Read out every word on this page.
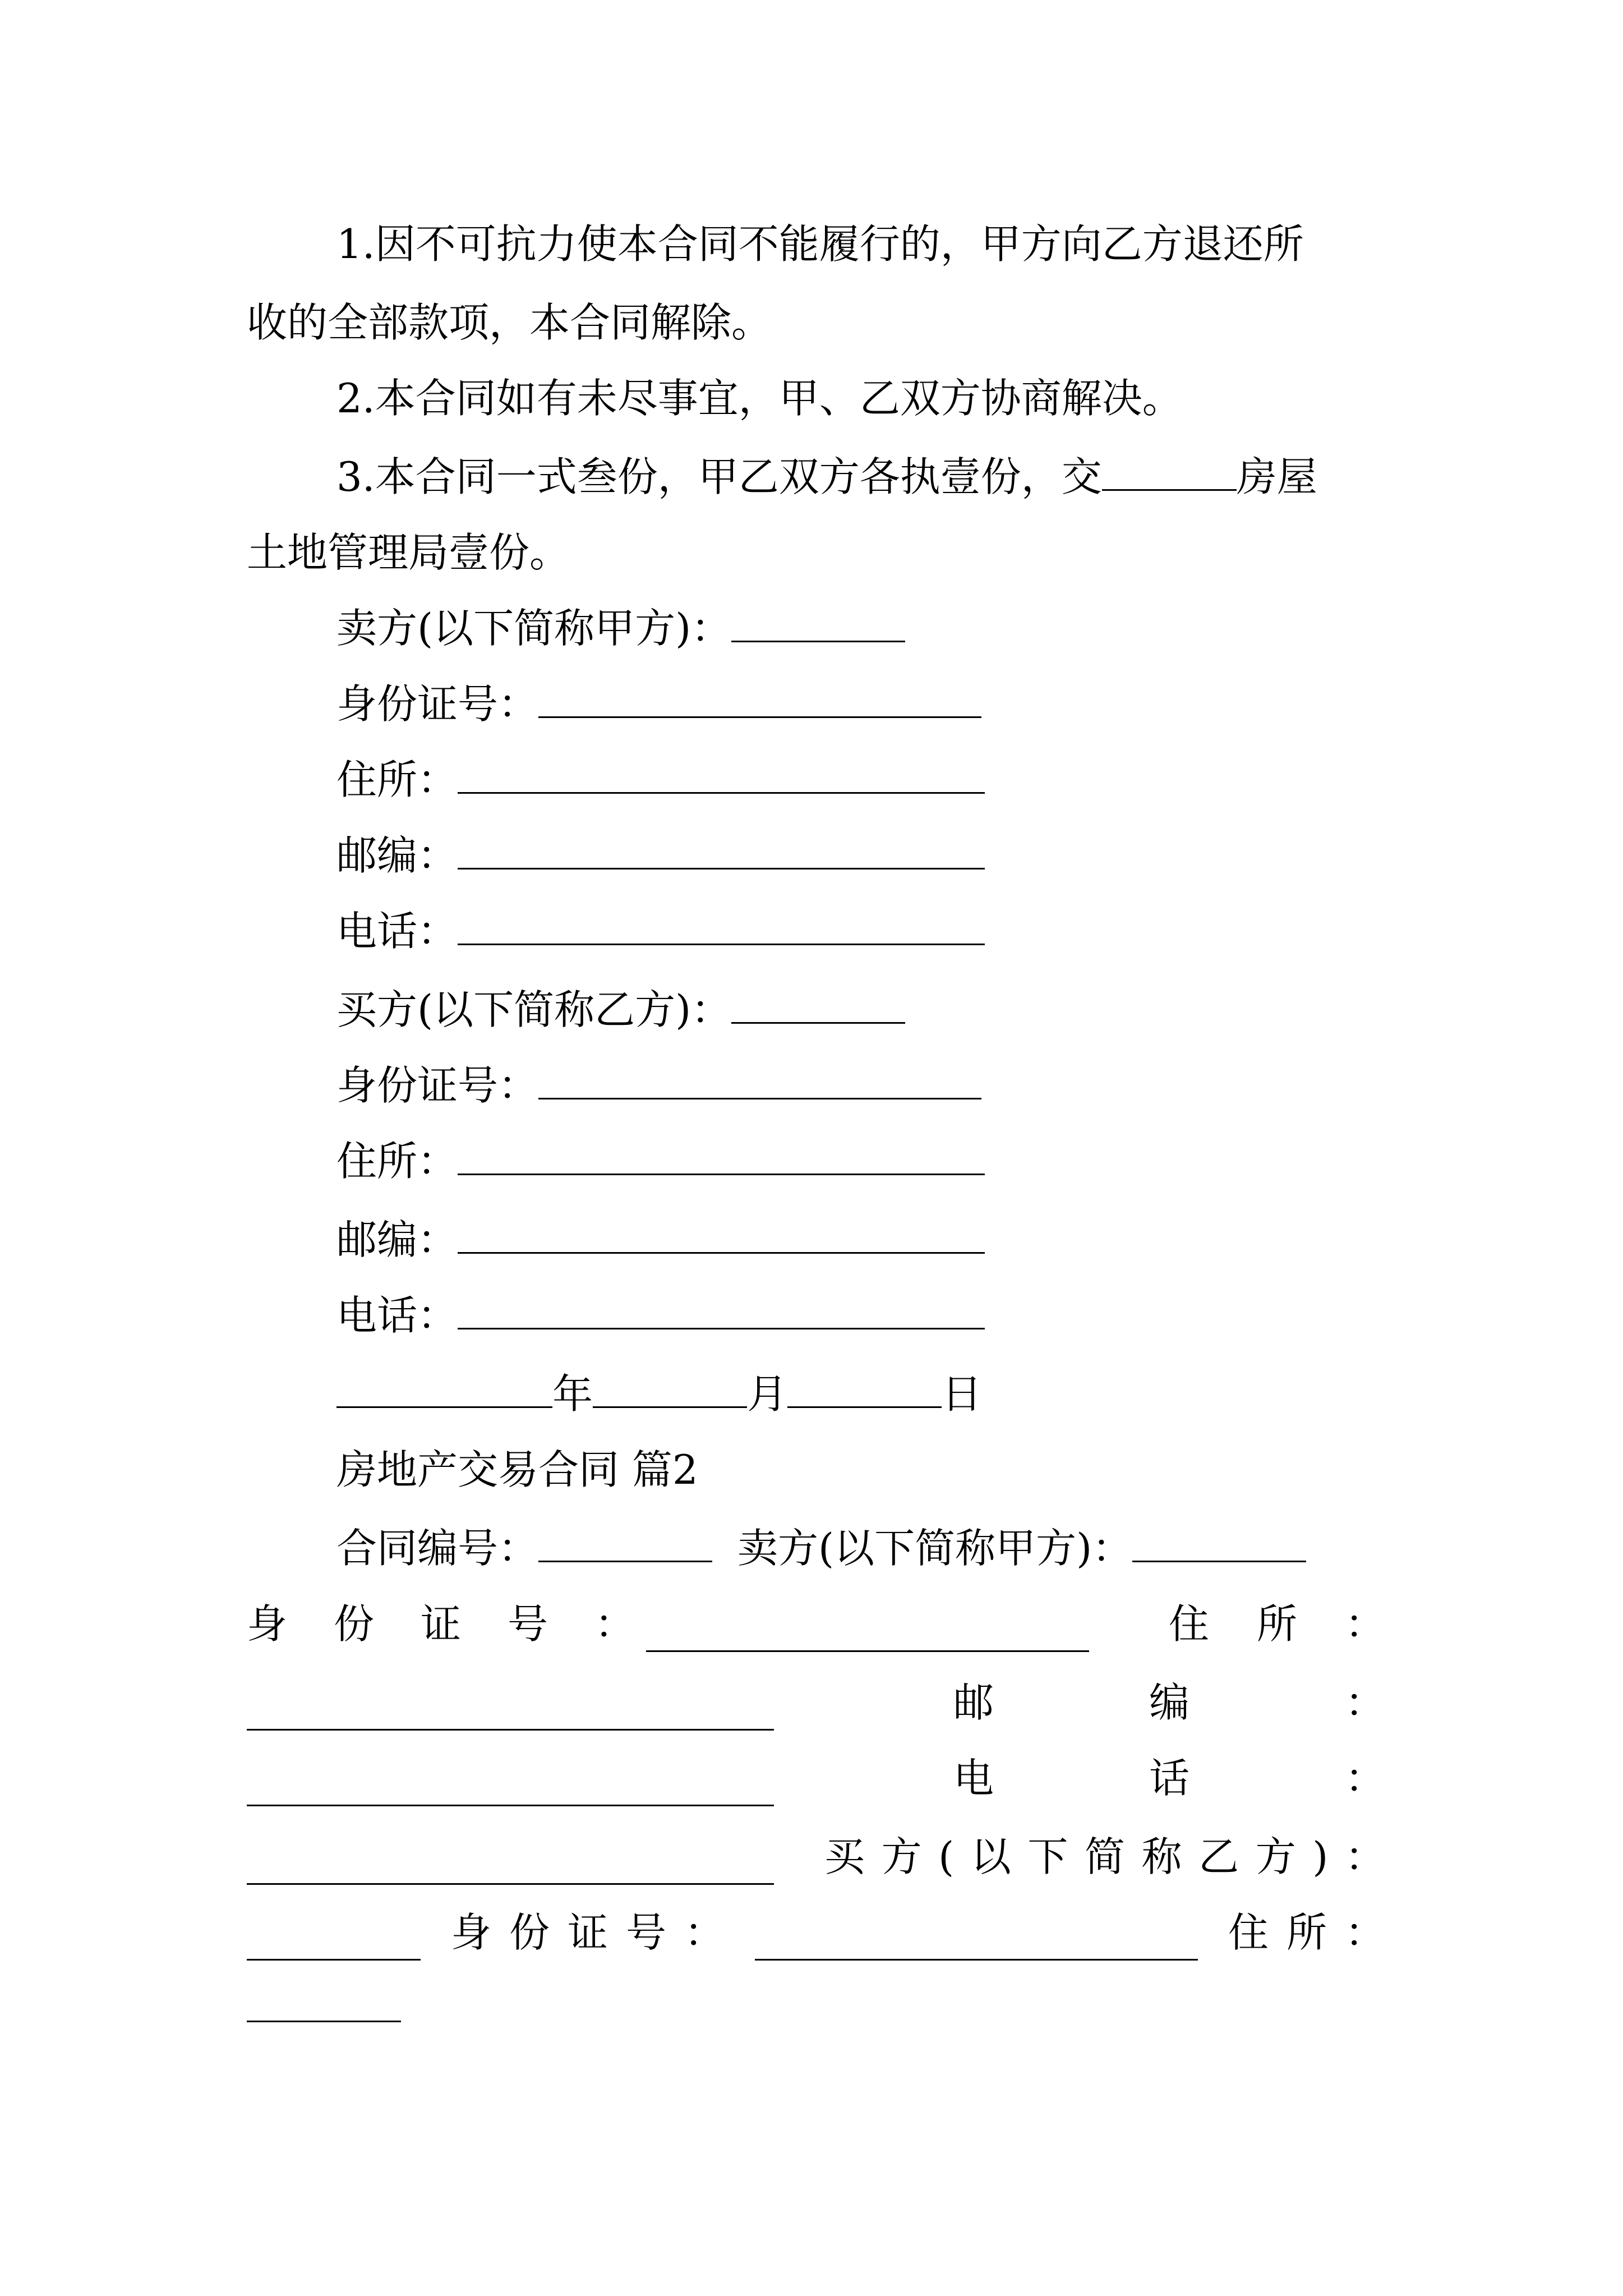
1.因不可抗力使本合同不能履行的，甲方向乙方退还所
收的全部款项，本合同解除。
2.本合同如有未尽事宜，甲、乙双方协商解决。
3.本合同一式叁份，甲乙双方各执壹份，交	房屋
土地管理局壹份。
卖方(以下简称甲方)：
身份证号：
住所：
邮编：
电话：
买方(以下简称乙方)：
身份证号：
住所：
邮编：
电话：
年	月	日
房地产交易合同 篇2
合同编号：	卖方(以下简称甲方)：
身 份 证 号 ：	住 所 ：
邮	编	：
电	话	：
买 方 ( 以 下 简 称 乙 方 ) ：
身 份 证 号 ：	住 所 ：
